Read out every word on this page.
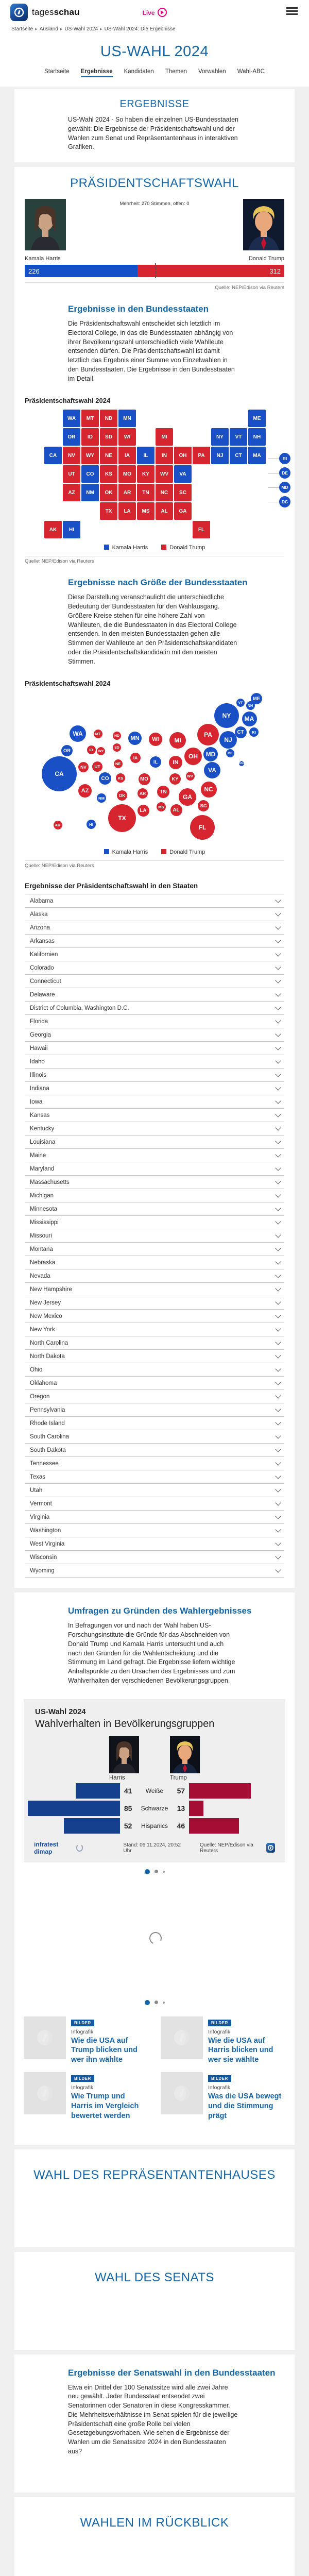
tagesschau	Live
Startseite ▸ Ausland ▸ US-Wahl 2024 ▸ US-Wahl 2024: Die Ergebnisse
US-WAHL 2024
Startseite Ergebnisse Kandidaten Themen Vorwahlen Wahl-ABC
ERGEBNISSE

US-Wahl 2024 - So haben die einzelnen US-Bundesstaaten gewählt: Die Ergebnisse der Präsidentschaftswahl und der Wahlen zum Senat und Repräsentantenhaus in interaktiven Grafiken.

PRÄSIDENTSCHAFTSWAHL
Mehrheit: 270 Stimmen, offen: 0
Kamala Harris	Donald Trump
226	312
Quelle: NEP/Edison via Reuters
Ergebnisse in den Bundesstaaten

Die Präsidentschaftswahl entscheidet sich letztlich im Electoral College, in das die Bundesstaaten abhängig von ihrer Bevölkerungszahl unterschiedlich viele Wahlleute entsenden dürfen. Die Präsidentschaftswahl ist damit letztlich das Ergebnis einer Summe von Einzelwahlen in den Bundesstaaten. Die Ergebnisse in den Bundesstaaten im Detail.

Präsidentschaftswahl 2024
WA	MT	ND	MN	ME
OR	ID	SD	WI	MI	NY	VT	NH
CA	NV	WY	NE	IA	IL	IN	OH	PA	NJ	CT	MA
UT	CO	KS	MO	KY	WV	VA
AZ	NM	OK	AR	TN	NC	SC
TX	LA	MS	AL	GA
AK	HI	FL
RI
DE
MD
DC
Kamala Harris	Donald Trump
Quelle: NEP/Edison via Reuters
Ergebnisse nach Größe der Bundesstaaten

Diese Darstellung veranschaulicht die unterschiedliche Bedeutung der Bundesstaaten für den Wahlausgang. Größere Kreise stehen für eine höhere Zahl von Wahlleuten, die die Bundesstaaten in das Electoral College entsenden. In den meisten Bundesstaaten gehen alle Stimmen der Wahlleute an den Präsidentschaftskandidaten oder die Präsidentschaftskandidatin mit den meisten Stimmen.

Präsidentschaftswahl 2024
ME
VT
NH
NY	MA
CT	RI
PA
NJ
DE
MD
DC
WA	MT	ND	MN	WI	MI
OR	ID	WY
SD
IA	OH
IL	IN
NE
NV	UT
CA
CO	KS	MO	KY
WV
VA
AZ
NM	OK	AR	TN	NC
SC
GA
MS
AL
LA
TX
FL
AK	HI
Kamala Harris	Donald Trump
Quelle: NEP/Edison via Reuters
Ergebnisse der Präsidentschaftswahl in den Staaten
Alabama
Alaska
Arizona
Arkansas
Kalifornien
Colorado
Connecticut
Delaware
District of Columbia, Washington D.C.
Florida
Georgia
Hawaii
Idaho
Illinois
Indiana
Iowa
Kansas
Kentucky
Louisiana
Maine
Maryland
Massachusetts
Michigan
Minnesota
Mississippi
Missouri
Montana
Nebraska
Nevada
New Hampshire
New Jersey
New Mexico
New York
North Carolina
North Dakota
Ohio
Oklahoma
Oregon
Pennsylvania
Rhode Island
South Carolina
South Dakota
Tennessee
Texas
Utah
Vermont
Virginia
Washington
West Virginia
Wisconsin
Wyoming
Umfragen zu Gründen des Wahlergebnisses

In Befragungen vor und nach der Wahl haben US-Forschungsinstitute die Gründe für das Abschneiden von Donald Trump und Kamala Harris untersucht und auch nach den Gründen für die Wahlentscheidung und die Stimmung im Land gefragt. Die Ergebnisse liefern wichtige Anhaltspunkte zu den Ursachen des Ergebnisses und zum Wahlverhalten der verschiedenen Bevölkerungsgruppen.

US-Wahl 2024
Wahlverhalten in Bevölkerungsgruppen
Harris	Trump
41	Weiße	57
85	Schwarze	13
52	Hispanics	46
infratest dimap
Stand: 06.11.2024, 20:52 Uhr
Quelle: NEP/Edison via Reuters
BILDER
Infografik
Wie die USA auf Trump blicken und wer ihn wählte
BILDER
Infografik
Wie die USA auf Harris blicken und wer sie wählte
BILDER
Infografik
Wie Trump und Harris im Vergleich bewertet werden
BILDER
Infografik
Was die USA bewegt und die Stimmung prägt
WAHL DES REPRÄSENTANTENHAUSES
WAHL DES SENATS
Ergebnisse der Senatswahl in den Bundesstaaten

Etwa ein Drittel der 100 Senatssitze wird alle zwei Jahre neu gewählt. Jeder Bundesstaat entsendet zwei Senatorinnen oder Senatoren in diese Kongresskammer. Die Mehrheitsverhältnisse im Senat spielen für die jeweilige Präsidentschaft eine große Rolle bei vielen Gesetzgebungsvorhaben. Wie sehen die Ergebnisse der Wahlen um die Senatssitze 2024 in den Bundesstaaten aus?

WAHLEN IM RÜCKBLICK
